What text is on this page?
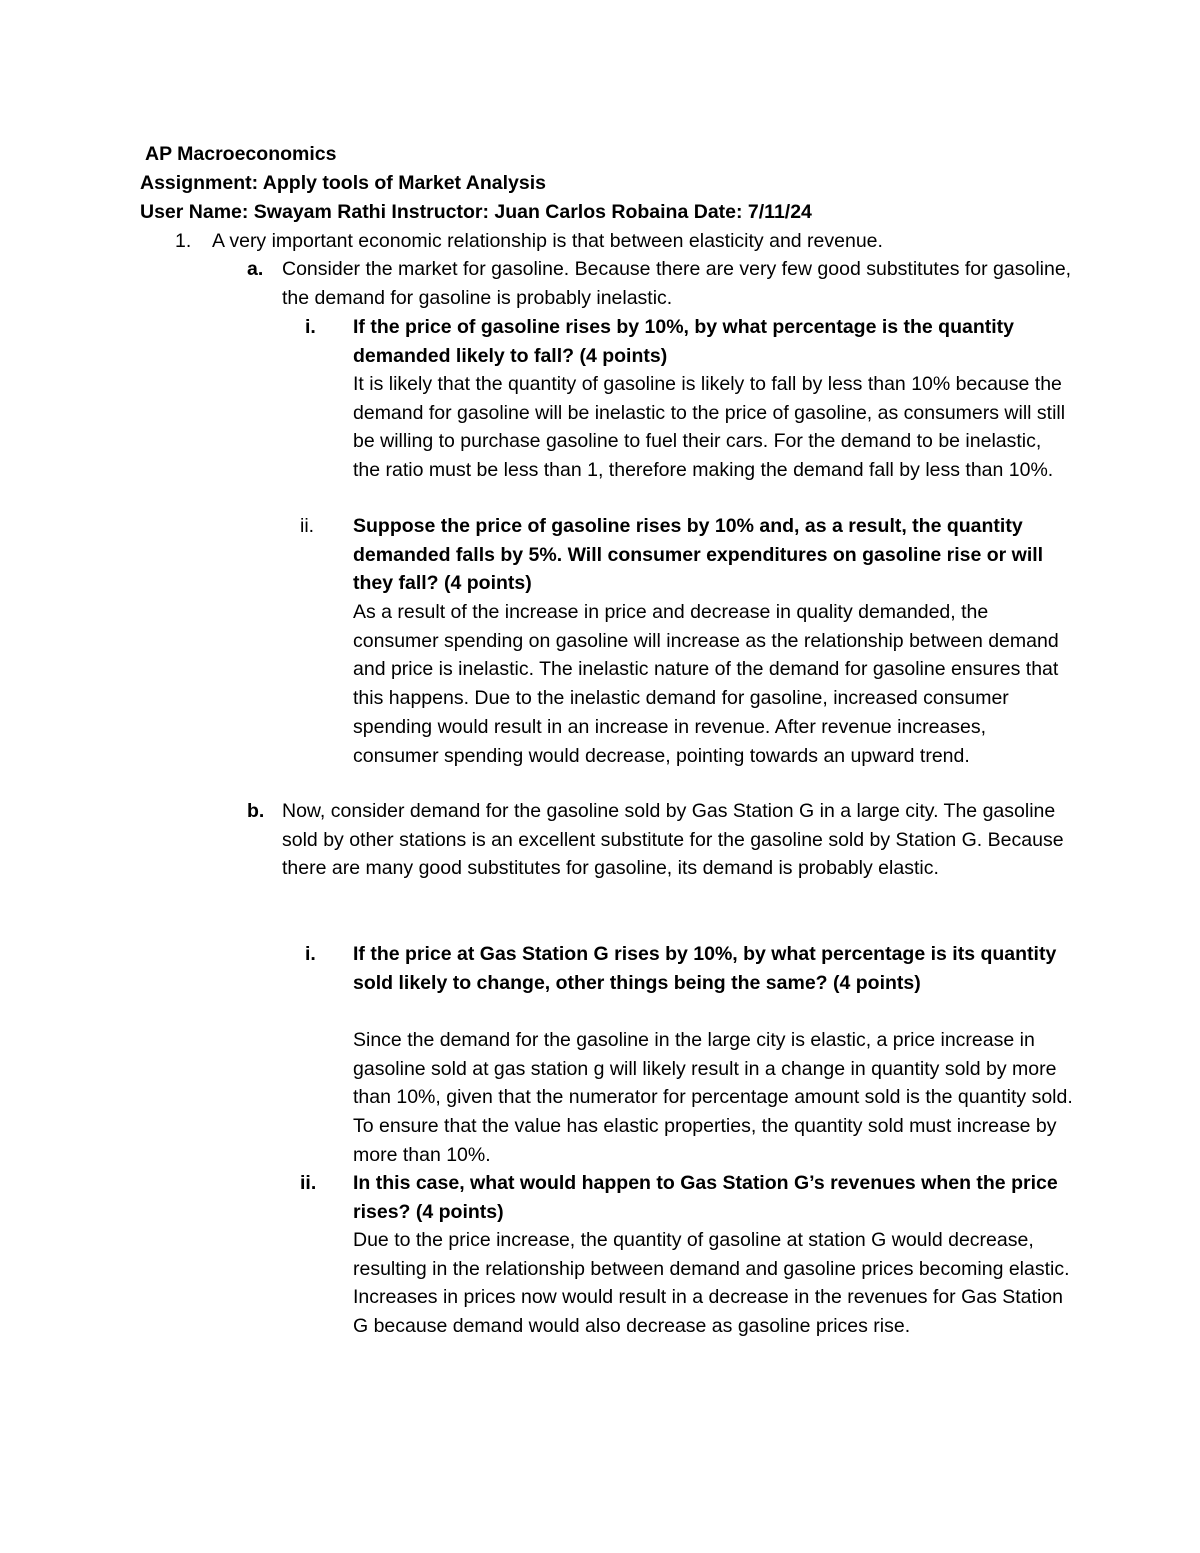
AP Macroeconomics
Assignment: Apply tools of Market Analysis
User Name: Swayam Rathi Instructor: Juan Carlos Robaina Date: 7/11/24
1. A very important economic relationship is that between elasticity and revenue.
a. Consider the market for gasoline. Because there are very few good substitutes for gasoline, the demand for gasoline is probably inelastic.
i. If the price of gasoline rises by 10%, by what percentage is the quantity demanded likely to fall? (4 points)
It is likely that the quantity of gasoline is likely to fall by less than 10% because the demand for gasoline will be inelastic to the price of gasoline, as consumers will still be willing to purchase gasoline to fuel their cars. For the demand to be inelastic, the ratio must be less than 1, therefore making the demand fall by less than 10%.
ii. Suppose the price of gasoline rises by 10% and, as a result, the quantity demanded falls by 5%. Will consumer expenditures on gasoline rise or will they fall? (4 points)
As a result of the increase in price and decrease in quality demanded, the consumer spending on gasoline will increase as the relationship between demand and price is inelastic. The inelastic nature of the demand for gasoline ensures that this happens. Due to the inelastic demand for gasoline, increased consumer spending would result in an increase in revenue. After revenue increases, consumer spending would decrease, pointing towards an upward trend.
b. Now, consider demand for the gasoline sold by Gas Station G in a large city. The gasoline sold by other stations is an excellent substitute for the gasoline sold by Station G. Because there are many good substitutes for gasoline, its demand is probably elastic.
i. If the price at Gas Station G rises by 10%, by what percentage is its quantity sold likely to change, other things being the same? (4 points)
Since the demand for the gasoline in the large city is elastic, a price increase in gasoline sold at gas station g will likely result in a change in quantity sold by more than 10%, given that the numerator for percentage amount sold is the quantity sold. To ensure that the value has elastic properties, the quantity sold must increase by more than 10%.
ii. In this case, what would happen to Gas Station G’s revenues when the price rises? (4 points)
Due to the price increase, the quantity of gasoline at station G would decrease, resulting in the relationship between demand and gasoline prices becoming elastic. Increases in prices now would result in a decrease in the revenues for Gas Station G because demand would also decrease as gasoline prices rise.
